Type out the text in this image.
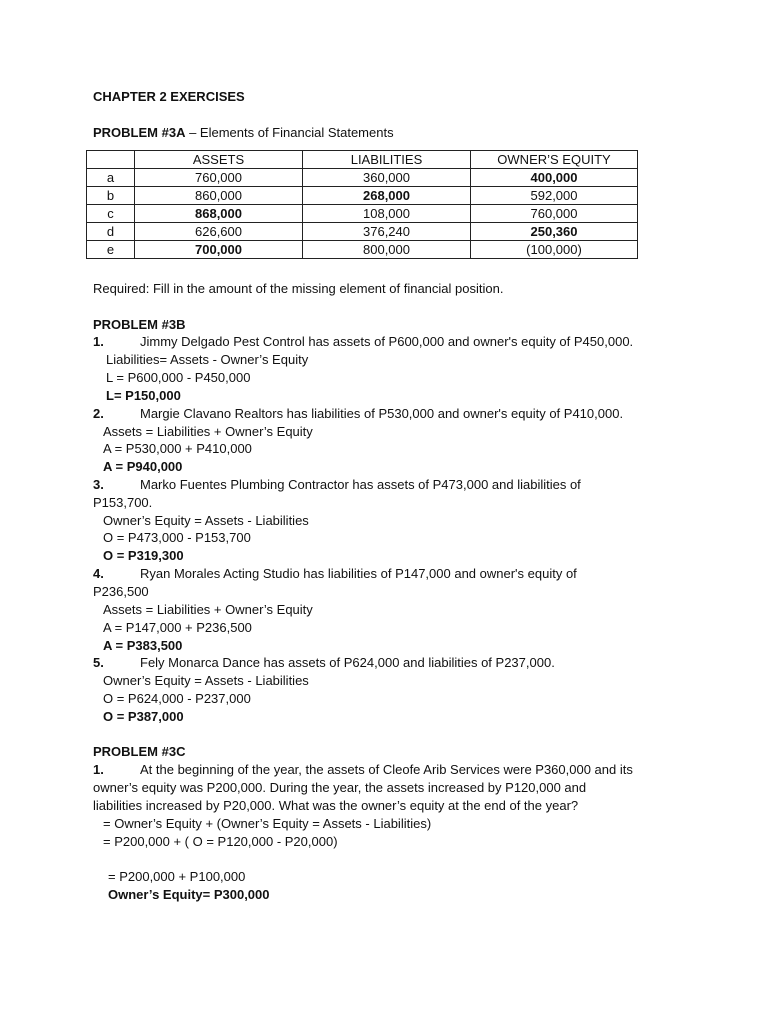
CHAPTER 2 EXERCISES
PROBLEM #3A – Elements of Financial Statements
	ASSETS	LIABILITIES	OWNER’S EQUITY
a	760,000	360,000	400,000
b	860,000	268,000	592,000
c	868,000	108,000	760,000
d	626,600	376,240	250,360
e	700,000	800,000	(100,000)
Required: Fill in the amount of the missing element of financial position.
PROBLEM #3B
1.	Jimmy Delgado Pest Control has assets of P600,000 and owner's equity of P450,000.
Liabilities= Assets - Owner’s Equity
L = P600,000 - P450,000
L= P150,000
2.	Margie Clavano Realtors has liabilities of P530,000 and owner's equity of P410,000.
Assets = Liabilities + Owner’s Equity
A = P530,000 + P410,000
A = P940,000
3.	Marko Fuentes Plumbing Contractor has assets of P473,000 and liabilities of
P153,700.
Owner’s Equity = Assets - Liabilities
O = P473,000 - P153,700
O = P319,300
4.	Ryan Morales Acting Studio has liabilities of P147,000 and owner's equity of
P236,500
Assets = Liabilities + Owner’s Equity
A = P147,000 + P236,500
A = P383,500
5.	Fely Monarca Dance has assets of P624,000 and liabilities of P237,000.
Owner’s Equity = Assets - Liabilities
O = P624,000 - P237,000
O = P387,000
PROBLEM #3C
1.	At the beginning of the year, the assets of Cleofe Arib Services were P360,000 and its
owner’s equity was P200,000. During the year, the assets increased by P120,000 and
liabilities increased by P20,000. What was the owner’s equity at the end of the year?
= Owner’s Equity + (Owner’s Equity = Assets - Liabilities)
= P200,000 + ( O = P120,000 - P20,000)
= P200,000 + P100,000
Owner’s Equity= P300,000
